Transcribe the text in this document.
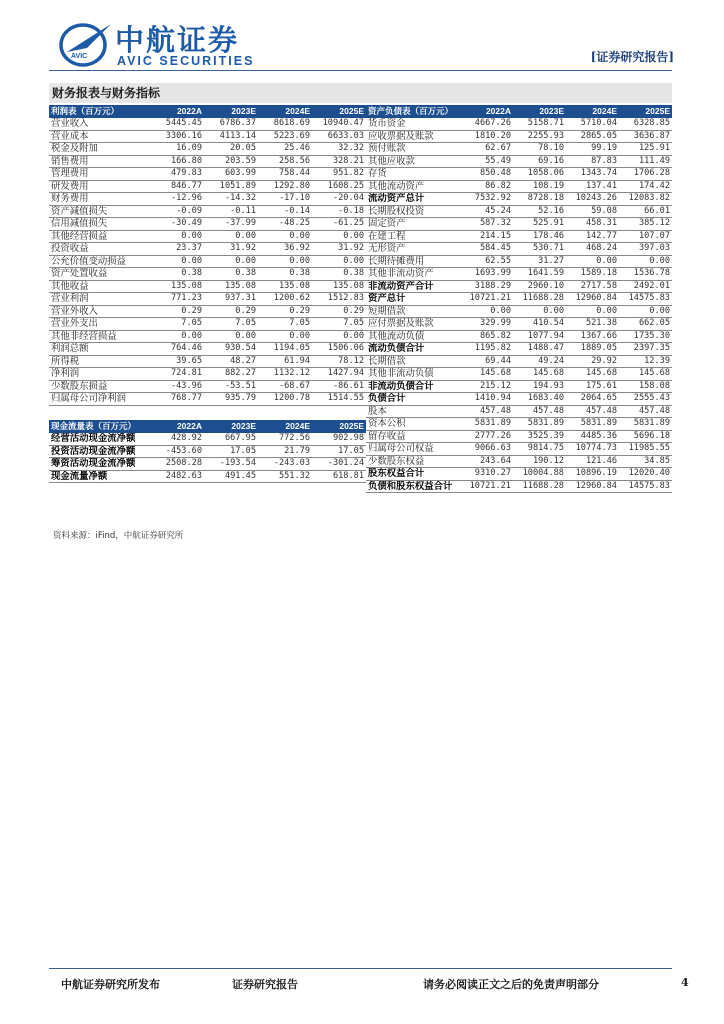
AVIC 中航证券
AVIC SECURITIES	[证券研究报告]
财务报表与财务指标
利润表（百万元）	2022A	2023E	2024E	2025E
营业收入	5445.45	6786.37	8618.69	10940.47
营业成本	3306.16	4113.14	5223.69	6633.03
税金及附加	16.09	20.05	25.46	32.32
销售费用	166.80	203.59	258.56	328.21
管理费用	479.83	603.99	758.44	951.82
研发费用	846.77	1051.89	1292.80	1608.25
财务费用	-12.96	-14.32	-17.10	-20.04
资产减值损失	-0.09	-0.11	-0.14	-0.18
信用减值损失	-30.49	-37.99	-48.25	-61.25
其他经营损益	0.00	0.00	0.00	0.00
投资收益	23.37	31.92	36.92	31.92
公允价值变动损益	0.00	0.00	0.00	0.00
资产处置收益	0.38	0.38	0.38	0.38
其他收益	135.08	135.08	135.08	135.08
营业利润	771.23	937.31	1200.62	1512.83
营业外收入	0.29	0.29	0.29	0.29
营业外支出	7.05	7.05	7.05	7.05
其他非经营损益	0.00	0.00	0.00	0.00
利润总额	764.46	930.54	1194.05	1506.06
所得税	39.65	48.27	61.94	78.12
净利润	724.81	882.27	1132.12	1427.94
少数股东损益	-43.96	-53.51	-68.67	-86.61
归属母公司净利润	768.77	935.79	1200.78	1514.55
现金流量表（百万元）	2022A	2023E	2024E	2025E
经营活动现金流净额	428.92	667.95	772.56	902.98
投资活动现金流净额	-453.60	17.05	21.79	17.05
筹资活动现金流净额	2508.28	-193.54	-243.03	-301.24
现金流量净额	2482.63	491.45	551.32	618.81
资产负债表（百万元）	2022A	2023E	2024E	2025E
货币资金	4667.26	5158.71	5710.04	6328.85
应收票据及账款	1810.20	2255.93	2865.05	3636.87
预付账款	62.67	78.10	99.19	125.91
其他应收款	55.49	69.16	87.83	111.49
存货	850.48	1058.06	1343.74	1706.28
其他流动资产	86.82	108.19	137.41	174.42
流动资产总计	7532.92	8728.18	10243.26	12083.82
长期股权投资	45.24	52.16	59.08	66.01
固定资产	587.32	525.91	458.31	385.12
在建工程	214.15	178.46	142.77	107.07
无形资产	584.45	530.71	468.24	397.03
长期待摊费用	62.55	31.27	0.00	0.00
其他非流动资产	1693.99	1641.59	1589.18	1536.78
非流动资产合计	3188.29	2960.10	2717.58	2492.01
资产总计	10721.21	11688.28	12960.84	14575.83
短期借款	0.00	0.00	0.00	0.00
应付票据及账款	329.99	410.54	521.38	662.05
其他流动负债	865.82	1077.94	1367.66	1735.30
流动负债合计	1195.82	1488.47	1889.05	2397.35
长期借款	69.44	49.24	29.92	12.39
其他非流动负债	145.68	145.68	145.68	145.68
非流动负债合计	215.12	194.93	175.61	158.08
负债合计	1410.94	1683.40	2064.65	2555.43
股本	457.48	457.48	457.48	457.48
资本公积	5831.89	5831.89	5831.89	5831.89
留存收益	2777.26	3525.39	4485.36	5696.18
归属母公司权益	9066.63	9814.75	10774.73	11985.55
少数股东权益	243.64	190.12	121.46	34.85
股东权益合计	9310.27	10004.88	10896.19	12020.40
负债和股东权益合计	10721.21	11688.28	12960.84	14575.83
资料来源：iFind，中航证券研究所
中航证券研究所发布	证券研究报告	请务必阅读正文之后的免责声明部分	4
